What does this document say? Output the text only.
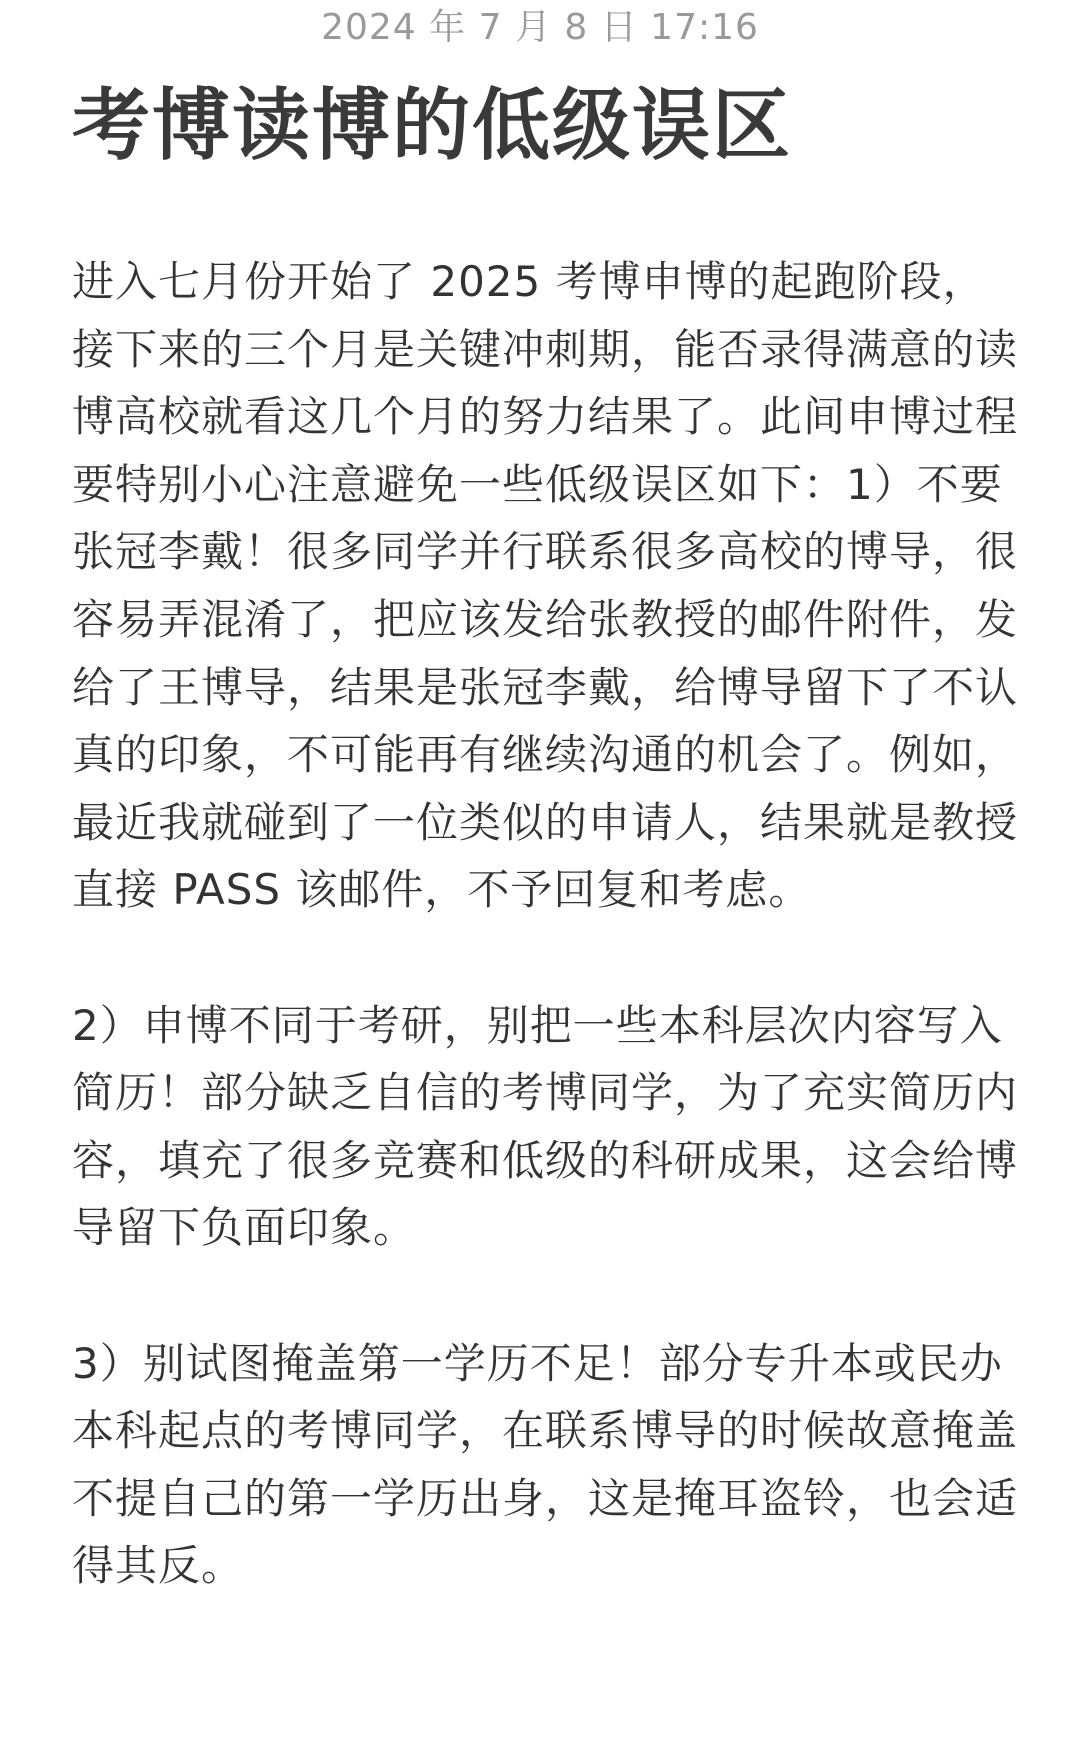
2024 年 7 月 8 日 17:16
考博读博的低级误区

进入七月份开始了 2025 考博申博的起跑阶段，接下来的三个月是关键冲刺期，能否录得满意的读博高校就看这几个月的努力结果了。此间申博过程要特别小心注意避免一些低级误区如下：1）不要张冠李戴！很多同学并行联系很多高校的博导，很容易弄混淆了，把应该发给张教授的邮件附件，发给了王博导，结果是张冠李戴，给博导留下了不认真的印象，不可能再有继续沟通的机会了。例如，最近我就碰到了一位类似的申请人，结果就是教授直接 PASS 该邮件，不予回复和考虑。

2）申博不同于考研，别把一些本科层次内容写入简历！部分缺乏自信的考博同学，为了充实简历内容，填充了很多竞赛和低级的科研成果，这会给博导留下负面印象。

3）别试图掩盖第一学历不足！部分专升本或民办本科起点的考博同学，在联系博导的时候故意掩盖不提自己的第一学历出身，这是掩耳盗铃，也会适得其反。
